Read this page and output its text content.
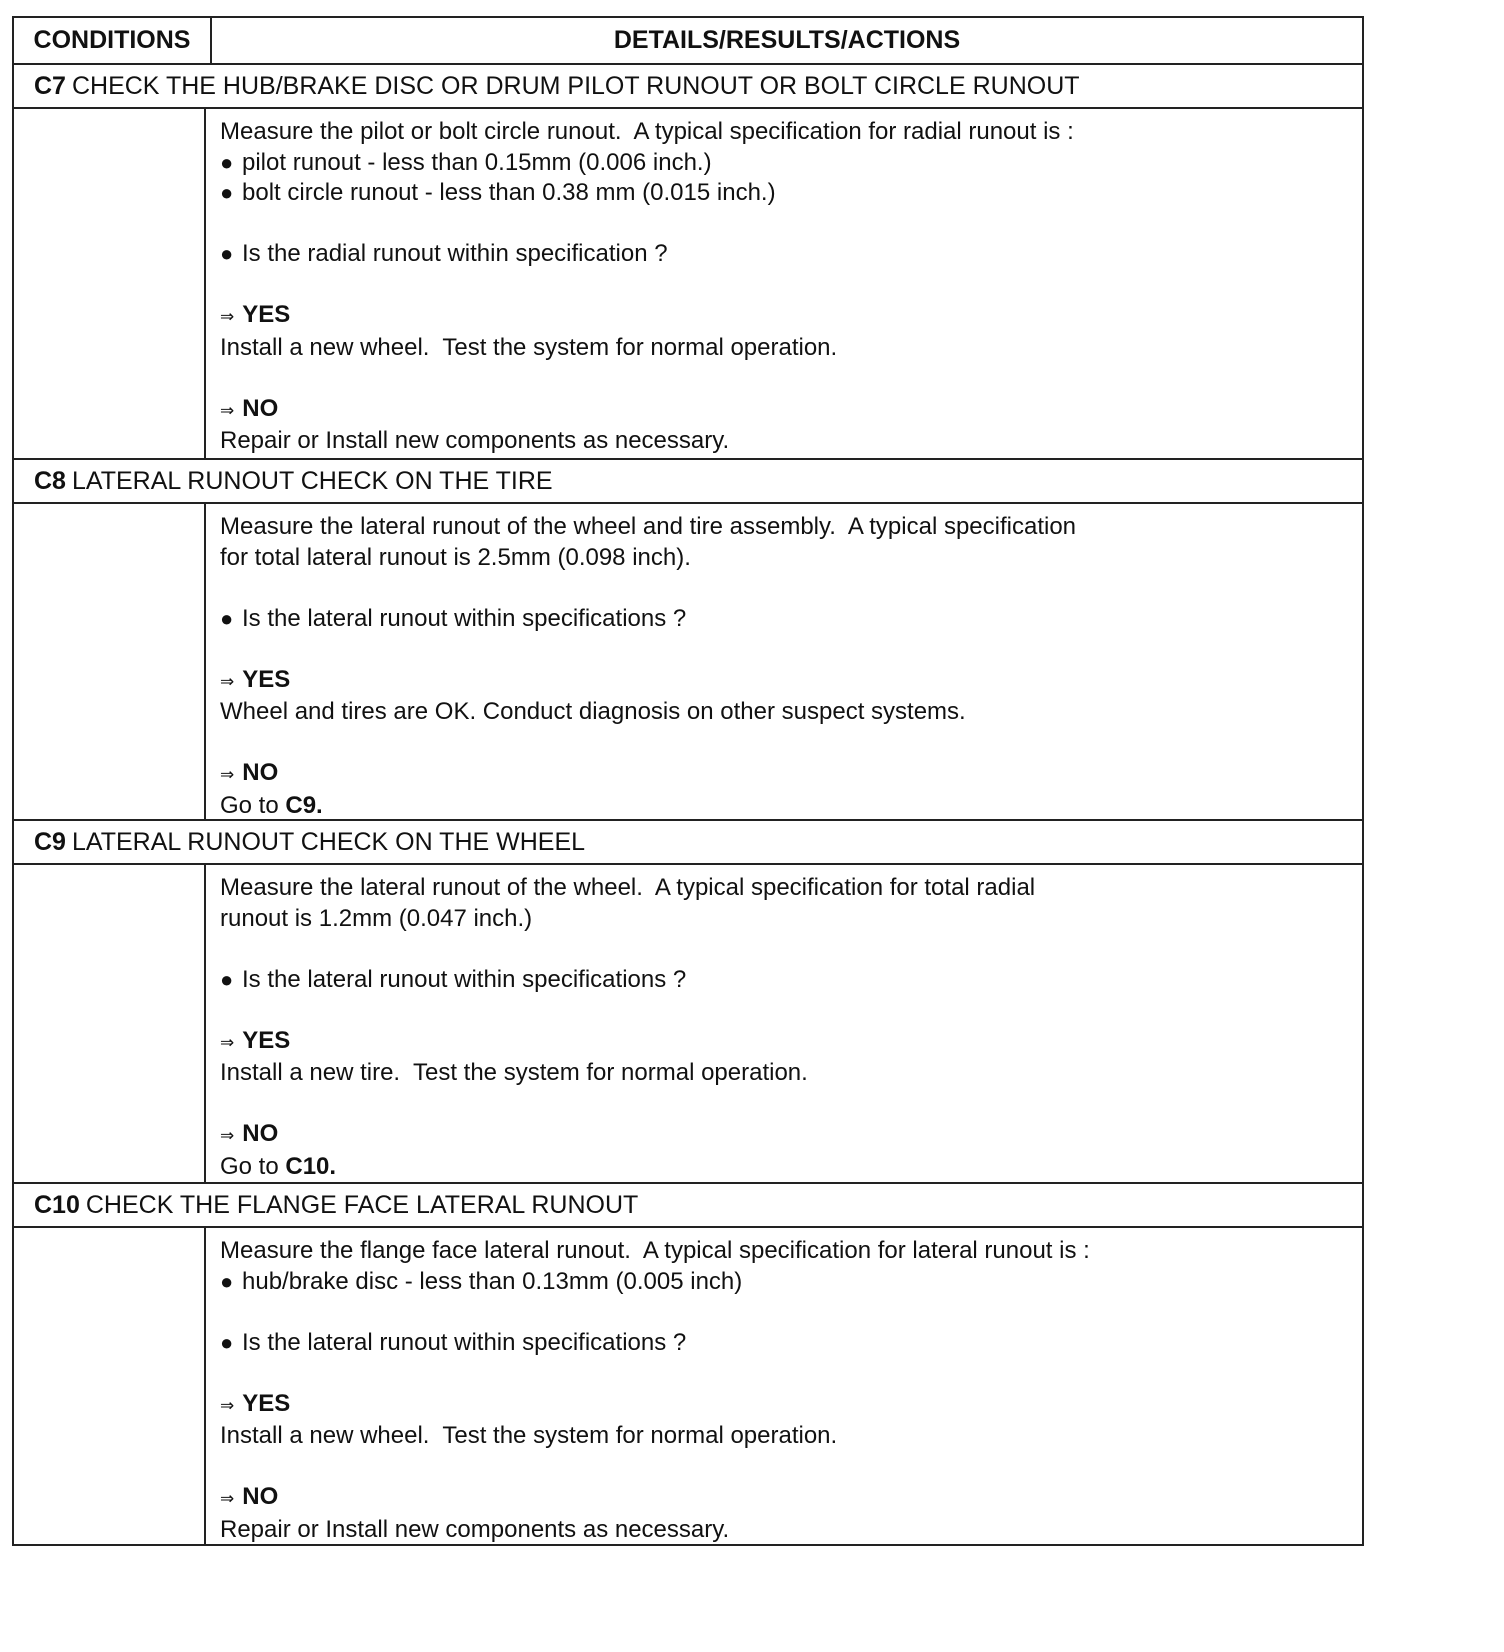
CONDITIONS	DETAILS/RESULTS/ACTIONS
C7 CHECK THE HUB/BRAKE DISC OR DRUM PILOT RUNOUT OR BOLT CIRCLE RUNOUT
Measure the pilot or bolt circle runout.  A typical specification for radial runout is :
● pilot runout - less than 0.15mm (0.006 inch.)
● bolt circle runout - less than 0.38 mm (0.015 inch.)
● Is the radial runout within specification ?
⇒ YES
Install a new wheel.  Test the system for normal operation.
⇒ NO
Repair or Install new components as necessary.
C8 LATERAL RUNOUT CHECK ON THE TIRE
Measure the lateral runout of the wheel and tire assembly.  A typical specification
for total lateral runout is 2.5mm (0.098 inch).
● Is the lateral runout within specifications ?
⇒ YES
Wheel and tires are OK. Conduct diagnosis on other suspect systems.
⇒ NO
Go to C9.
C9 LATERAL RUNOUT CHECK ON THE WHEEL
Measure the lateral runout of the wheel.  A typical specification for total radial
runout is 1.2mm (0.047 inch.)
● Is the lateral runout within specifications ?
⇒ YES
Install a new tire.  Test the system for normal operation.
⇒ NO
Go to C10.
C10 CHECK THE FLANGE FACE LATERAL RUNOUT
Measure the flange face lateral runout.  A typical specification for lateral runout is :
● hub/brake disc - less than 0.13mm (0.005 inch)
● Is the lateral runout within specifications ?
⇒ YES
Install a new wheel.  Test the system for normal operation.
⇒ NO
Repair or Install new components as necessary.
